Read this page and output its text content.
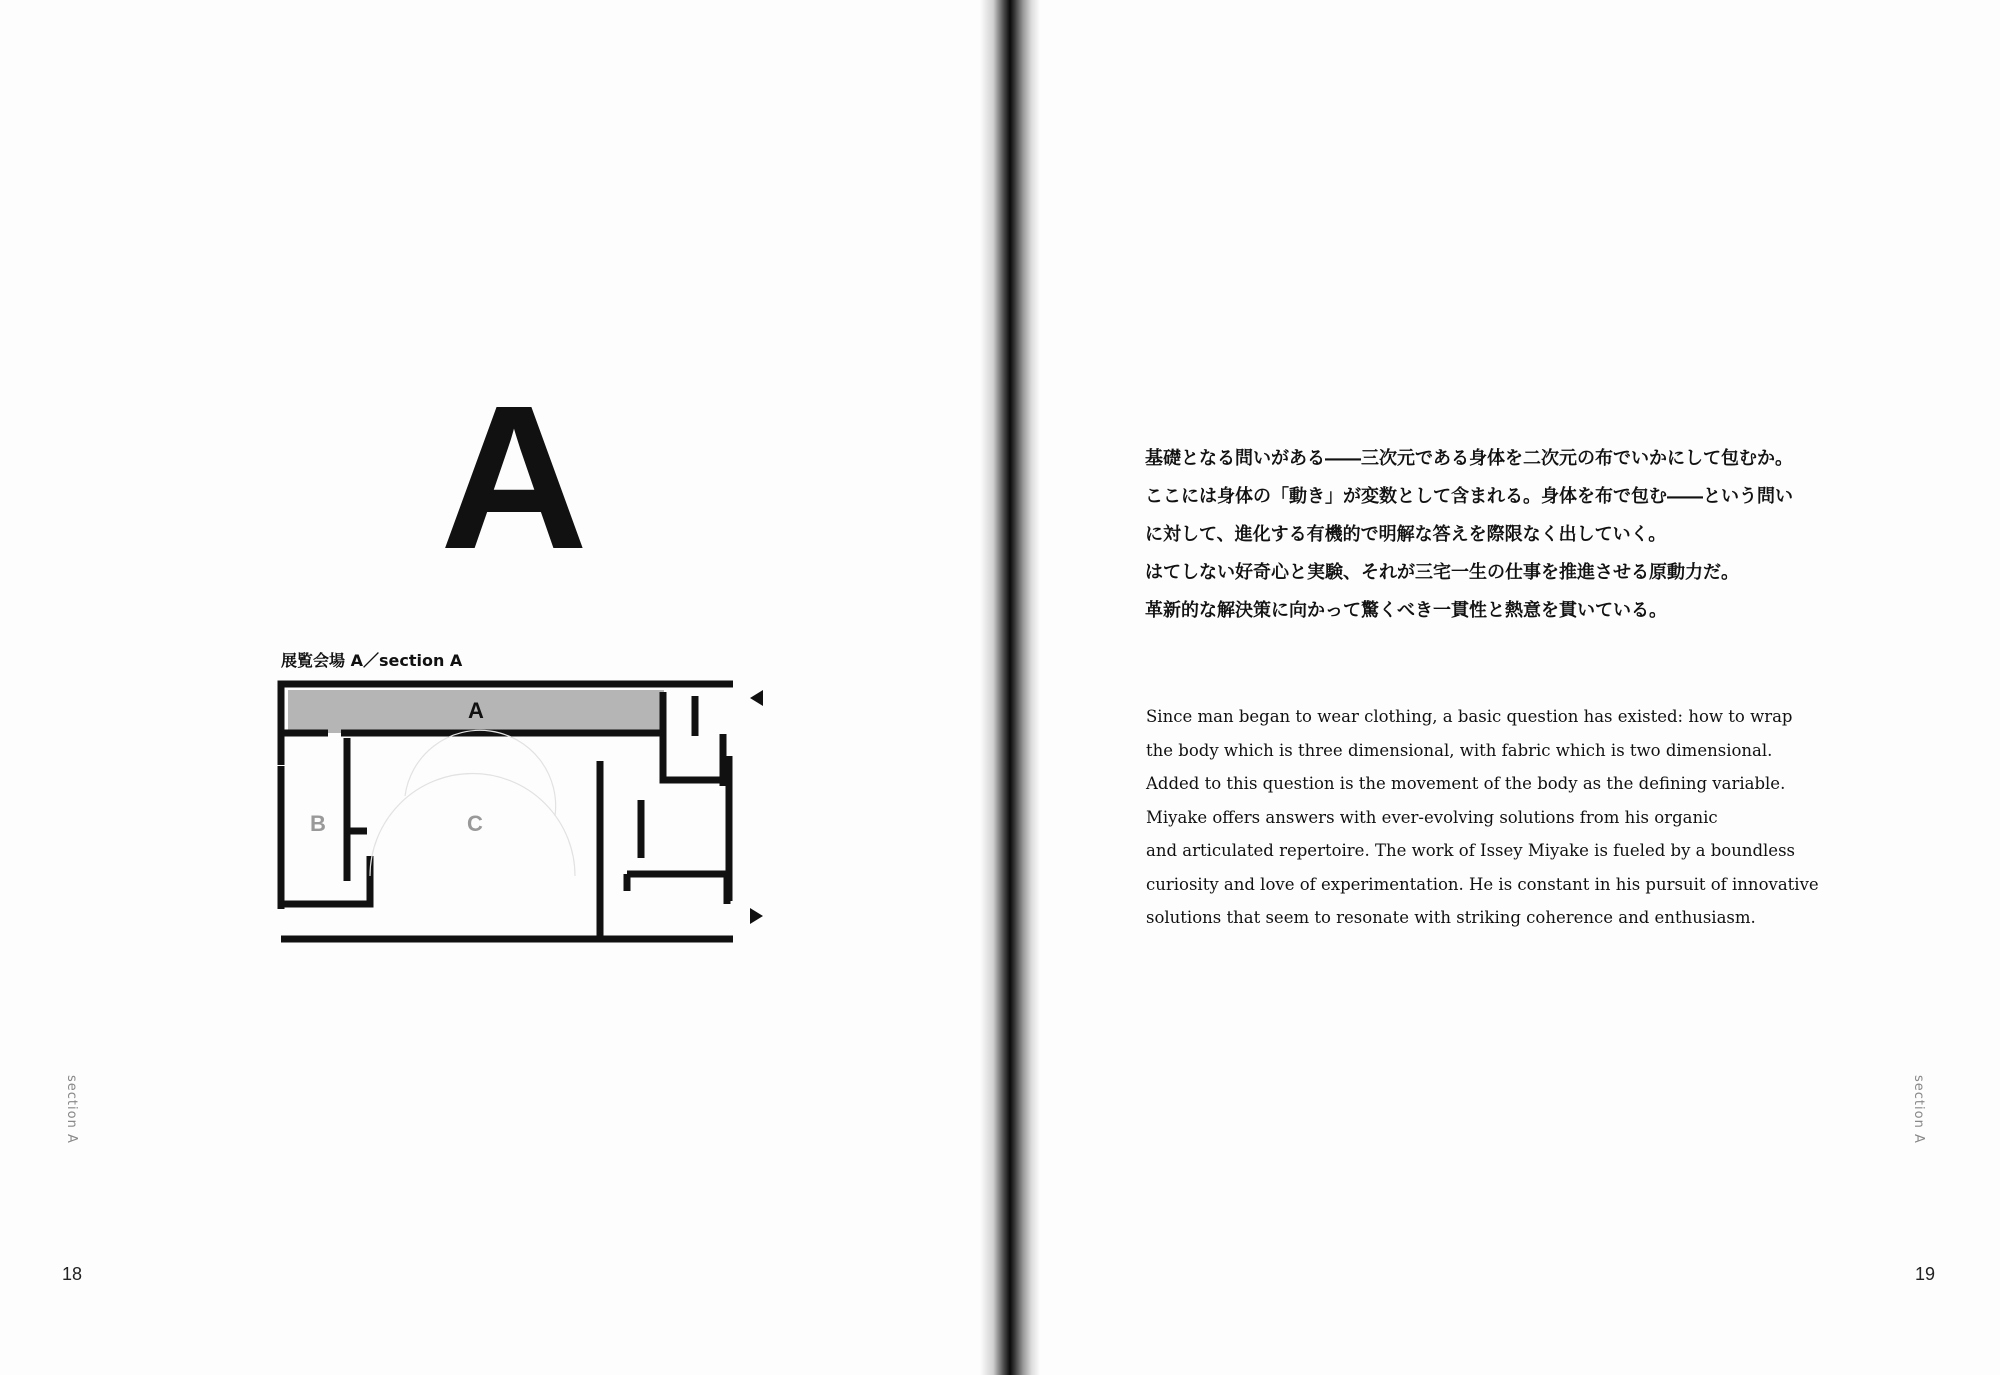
A
展覧会場 A／section A
A
B	C
section A
18
基礎となる問いがある――三次元である身体を二次元の布でいかにして包むか。
ここには身体の「動き」が変数として含まれる。身体を布で包む――という問い
に対して、進化する有機的で明解な答えを際限なく出していく。
はてしない好奇心と実験、それが三宅一生の仕事を推進させる原動力だ。
革新的な解決策に向かって驚くべき一貫性と熱意を貫いている。
Since man began to wear clothing, a basic question has existed: how to wrap
the body which is three dimensional, with fabric which is two dimensional.
Added to this question is the movement of the body as the defining variable.
Miyake offers answers with ever-evolving solutions from his organic
and articulated repertoire. The work of Issey Miyake is fueled by a boundless
curiosity and love of experimentation. He is constant in his pursuit of innovative
solutions that seem to resonate with striking coherence and enthusiasm.
section A
19
